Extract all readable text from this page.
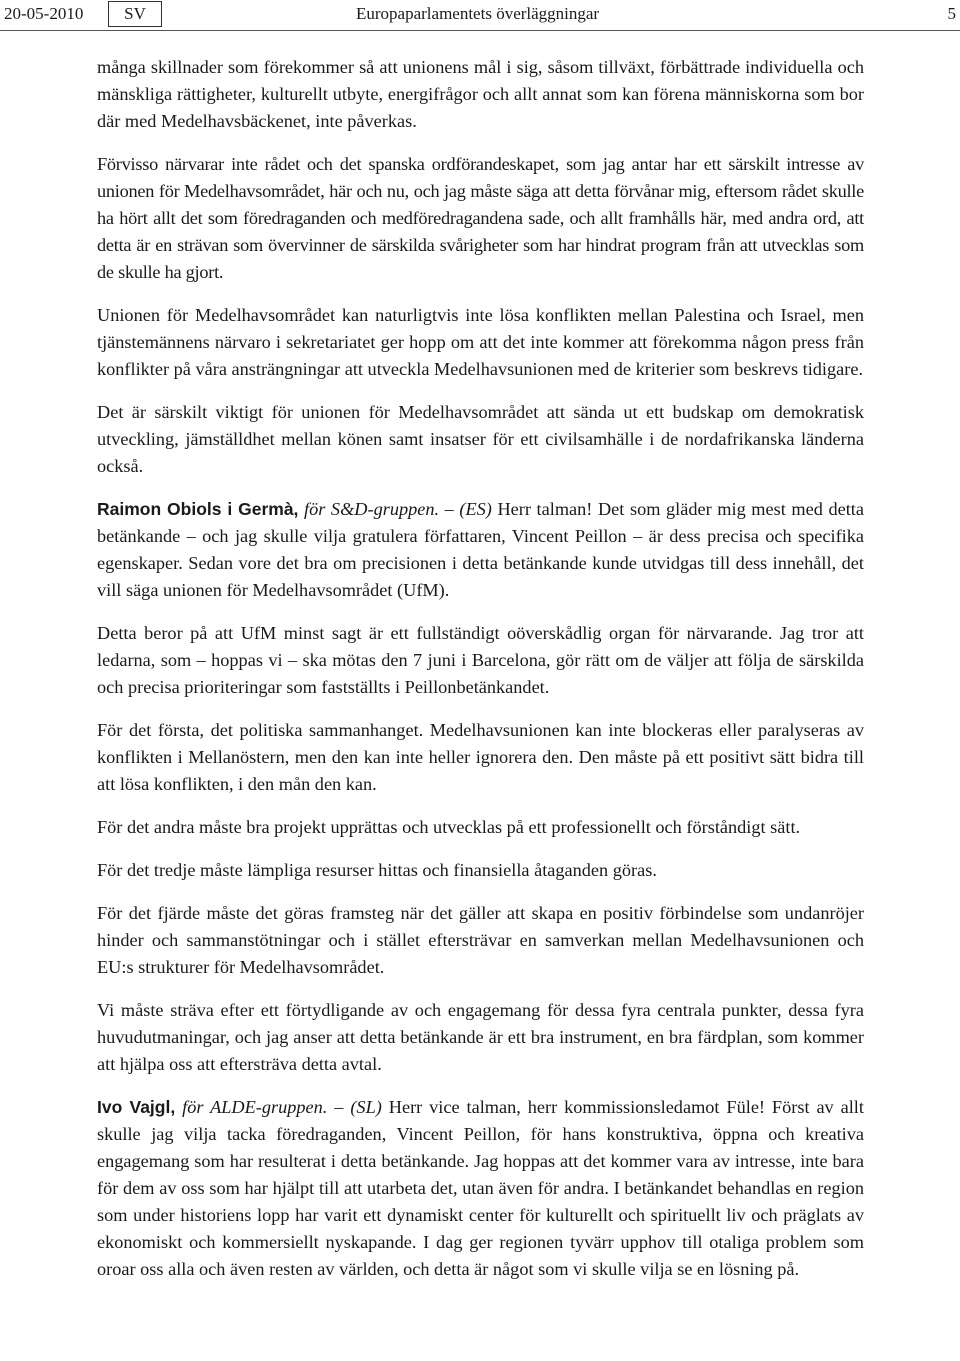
20-05-2010	SV	Europaparlamentets överläggningar	5

många skillnader som förekommer så att unionens mål i sig, såsom tillväxt, förbättrade individuella och mänskliga rättigheter, kulturellt utbyte, energifrågor och allt annat som kan förena människorna som bor där med Medelhavsbäckenet, inte påverkas.

Förvisso närvarar inte rådet och det spanska ordförandeskapet, som jag antar har ett särskilt intresse av unionen för Medelhavsområdet, här och nu, och jag måste säga att detta förvånar mig, eftersom rådet skulle ha hört allt det som föredraganden och medföredragandena sade, och allt framhålls här, med andra ord, att detta är en strävan som övervinner de särskilda svårigheter som har hindrat program från att utvecklas som de skulle ha gjort.

Unionen för Medelhavsområdet kan naturligtvis inte lösa konflikten mellan Palestina och Israel, men tjänstemännens närvaro i sekretariatet ger hopp om att det inte kommer att förekomma någon press från konflikter på våra ansträngningar att utveckla Medelhavsunionen med de kriterier som beskrevs tidigare.

Det är särskilt viktigt för unionen för Medelhavsområdet att sända ut ett budskap om demokratisk utveckling, jämställdhet mellan könen samt insatser för ett civilsamhälle i de nordafrikanska länderna också.

Raimon Obiols i Germà, för S&D-gruppen. – (ES) Herr talman! Det som gläder mig mest med detta betänkande – och jag skulle vilja gratulera författaren, Vincent Peillon – är dess precisa och specifika egenskaper. Sedan vore det bra om precisionen i detta betänkande kunde utvidgas till dess innehåll, det vill säga unionen för Medelhavsområdet (UfM).

Detta beror på att UfM minst sagt är ett fullständigt oöverskådlig organ för närvarande. Jag tror att ledarna, som – hoppas vi – ska mötas den 7 juni i Barcelona, gör rätt om de väljer att följa de särskilda och precisa prioriteringar som fastställts i Peillonbetänkandet.

För det första, det politiska sammanhanget. Medelhavsunionen kan inte blockeras eller paralyseras av konflikten i Mellanöstern, men den kan inte heller ignorera den. Den måste på ett positivt sätt bidra till att lösa konflikten, i den mån den kan.

För det andra måste bra projekt upprättas och utvecklas på ett professionellt och förståndigt sätt.

För det tredje måste lämpliga resurser hittas och finansiella åtaganden göras.

För det fjärde måste det göras framsteg när det gäller att skapa en positiv förbindelse som undanröjer hinder och sammanstötningar och i stället eftersträvar en samverkan mellan Medelhavsunionen och EU:s strukturer för Medelhavsområdet.

Vi måste sträva efter ett förtydligande av och engagemang för dessa fyra centrala punkter, dessa fyra huvudutmaningar, och jag anser att detta betänkande är ett bra instrument, en bra färdplan, som kommer att hjälpa oss att eftersträva detta avtal.

Ivo Vajgl, för ALDE-gruppen. – (SL) Herr vice talman, herr kommissionsledamot Füle! Först av allt skulle jag vilja tacka föredraganden, Vincent Peillon, för hans konstruktiva, öppna och kreativa engagemang som har resulterat i detta betänkande. Jag hoppas att det kommer vara av intresse, inte bara för dem av oss som har hjälpt till att utarbeta det, utan även för andra. I betänkandet behandlas en region som under historiens lopp har varit ett dynamiskt center för kulturellt och spirituellt liv och präglats av ekonomiskt och kommersiellt nyskapande. I dag ger regionen tyvärr upphov till otaliga problem som oroar oss alla och även resten av världen, och detta är något som vi skulle vilja se en lösning på.
